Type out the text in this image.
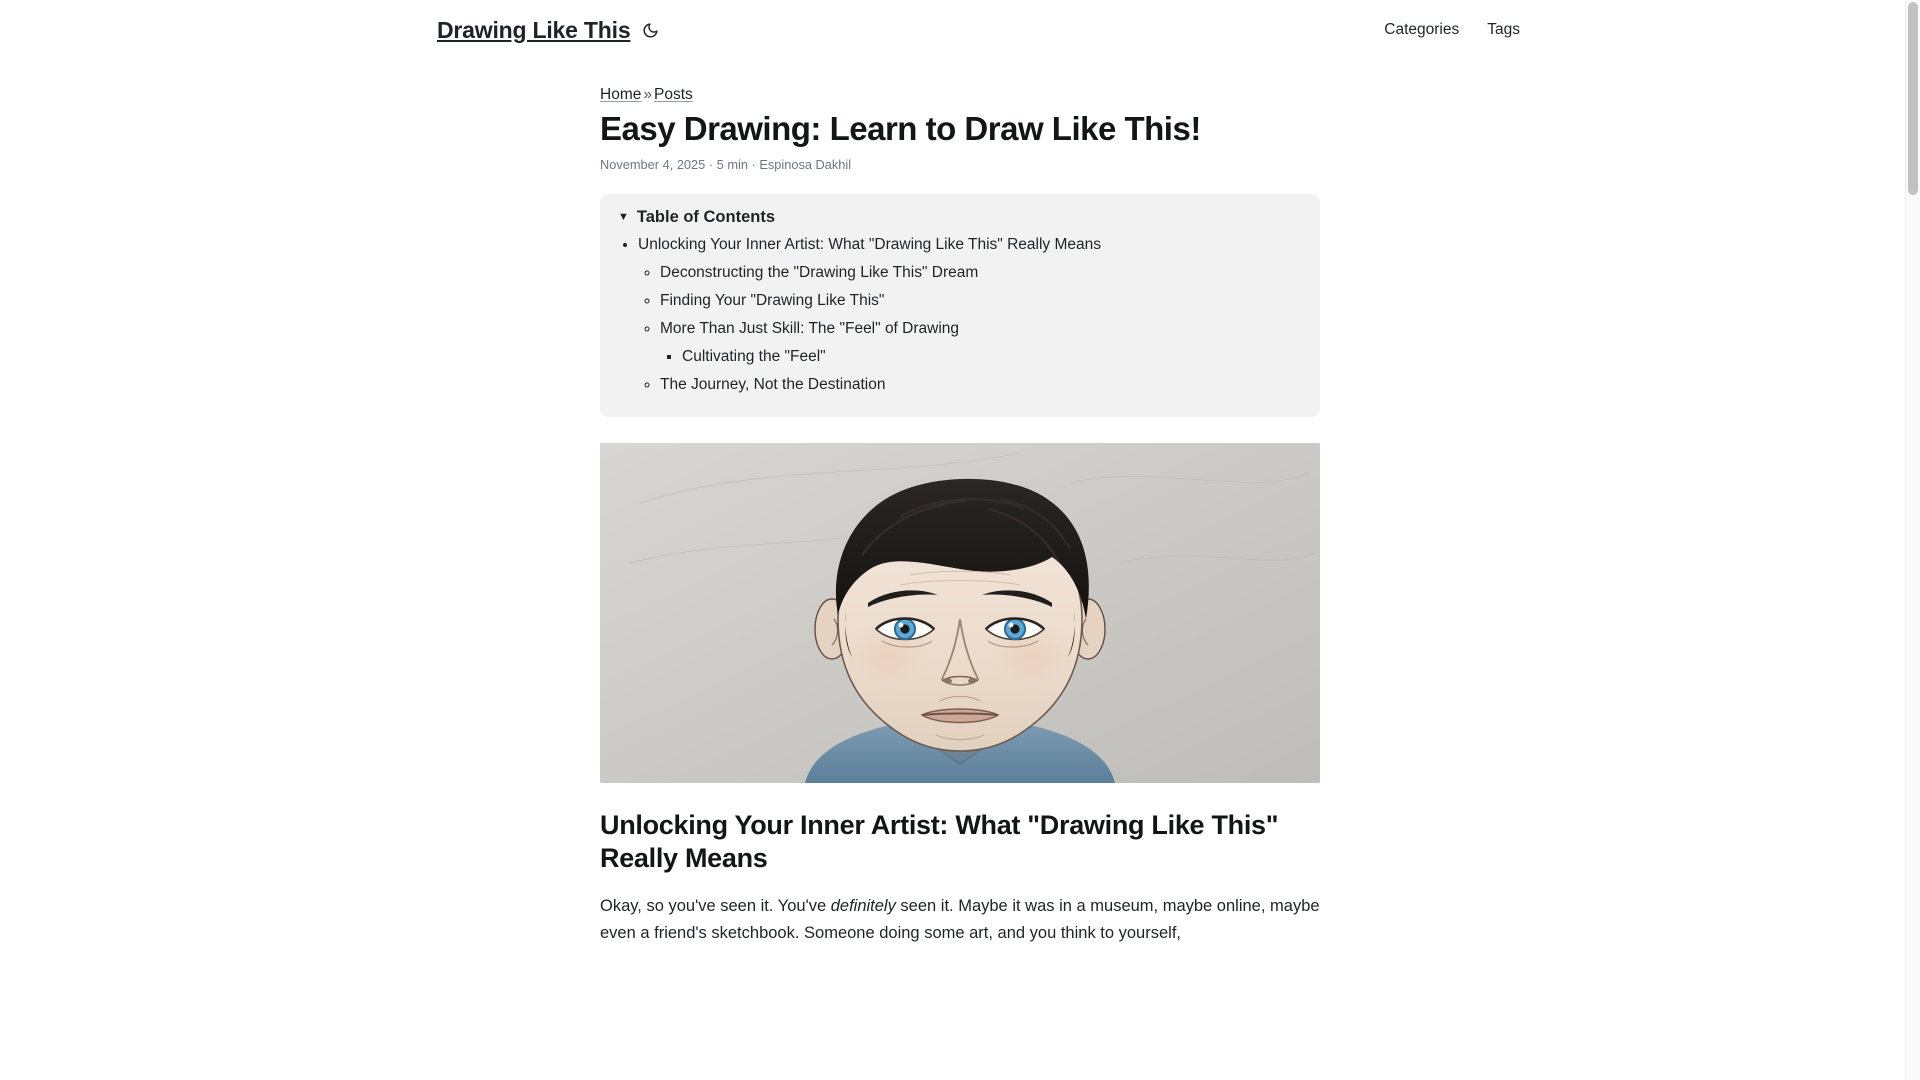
Drawing Like This	Categories Tags
Home » Posts
Easy Drawing: Learn to Draw Like This!
November 4, 2025 · 5 min · Espinosa Dakhil
▼ Table of Contents
• Unlocking Your Inner Artist: What "Drawing Like This" Really Means
◦ Deconstructing the "Drawing Like This" Dream
◦ Finding Your "Drawing Like This"
◦ More Than Just Skill: The "Feel" of Drawing
▪ Cultivating the "Feel"
◦ The Journey, Not the Destination
Unlocking Your Inner Artist: What "Drawing Like This" Really Means

Okay, so you've seen it. You've definitely seen it. Maybe it was in a museum, maybe online, maybe even a friend's sketchbook. Someone doing some art, and you think to yourself,
